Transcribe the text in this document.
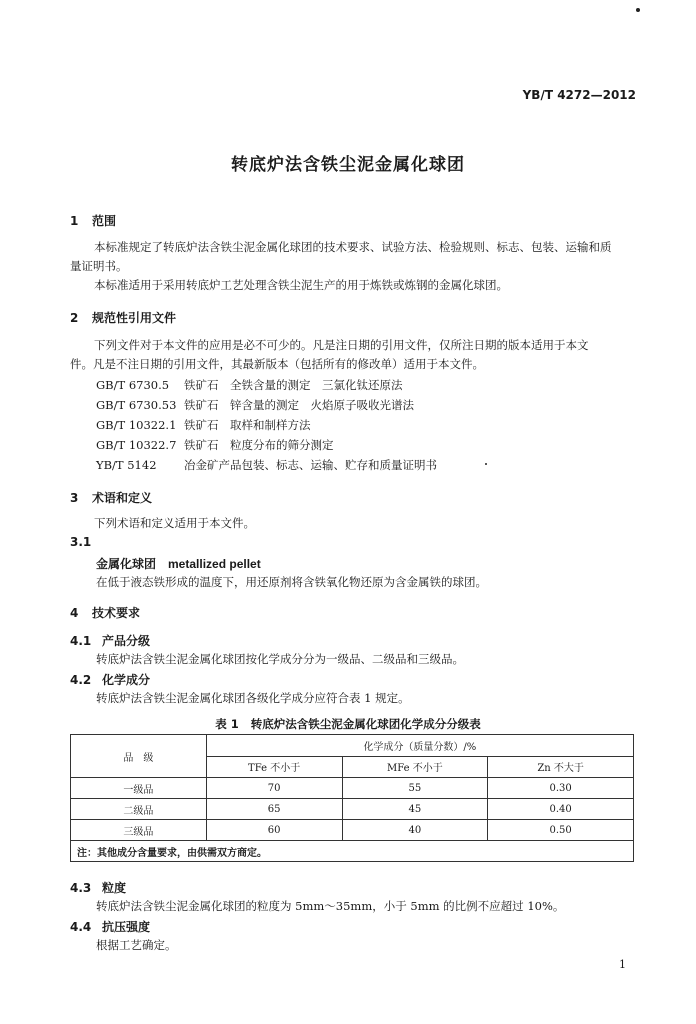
YB/T 4272—2012
转底炉法含铁尘泥金属化球团
1 范围
本标准规定了转底炉法含铁尘泥金属化球团的技术要求、试验方法、检验规则、标志、包装、运输和质
量证明书。
本标准适用于采用转底炉工艺处理含铁尘泥生产的用于炼铁或炼钢的金属化球团。
2 规范性引用文件
下列文件对于本文件的应用是必不可少的。凡是注日期的引用文件，仅所注日期的版本适用于本文
件。凡是不注日期的引用文件，其最新版本（包括所有的修改单）适用于本文件。
GB/T 6730.5 铁矿石　全铁含量的测定　三氯化钛还原法
GB/T 6730.53 铁矿石　锌含量的测定　火焰原子吸收光谱法
GB/T 10322.1 铁矿石　取样和制样方法
GB/T 10322.7 铁矿石　粒度分布的筛分测定
YB/T 5142 冶金矿产品包装、标志、运输、贮存和质量证明书
3 术语和定义
下列术语和定义适用于本文件。
3.1
金属化球团 metallized pellet
在低于液态铁形成的温度下，用还原剂将含铁氧化物还原为含金属铁的球团。
4 技术要求
4.1 产品分级
转底炉法含铁尘泥金属化球团按化学成分分为一级品、二级品和三级品。
4.2 化学成分
转底炉法含铁尘泥金属化球团各级化学成分应符合表 1 规定。
表 1 转底炉法含铁尘泥金属化球团化学成分分级表
品　级	化学成分（质量分数）/%		
	TFe 不小于	MFe 不小于	Zn 不大于
一级品	70	55	0.30
二级品	65	45	0.40
三级品	60	40	0.50
注：其他成分含量要求，由供需双方商定。			
4.3 粒度
转底炉法含铁尘泥金属化球团的粒度为 5mm～35mm，小于 5mm 的比例不应超过 10%。
4.4 抗压强度
根据工艺确定。
1
